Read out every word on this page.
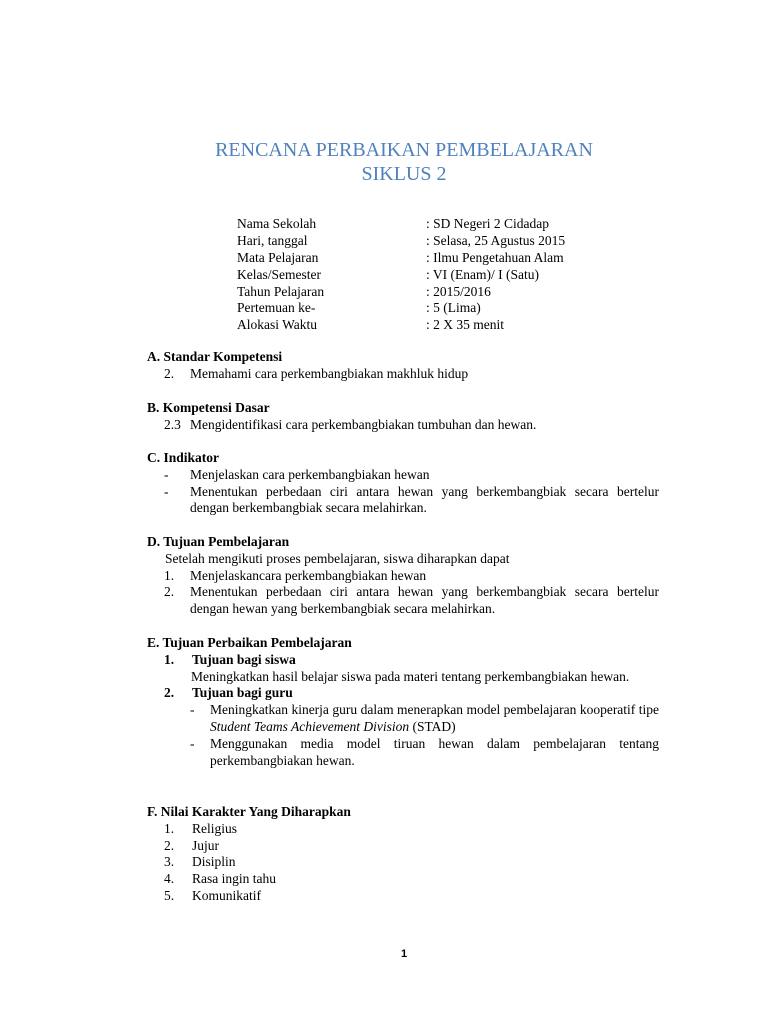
RENCANA PERBAIKAN PEMBELAJARAN
SIKLUS 2
Nama Sekolah	: SD Negeri 2 Cidadap
Hari, tanggal	: Selasa, 25 Agustus 2015
Mata Pelajaran	: Ilmu Pengetahuan Alam
Kelas/Semester	: VI (Enam)/ I (Satu)
Tahun Pelajaran	: 2015/2016
Pertemuan ke-	: 5 (Lima)
Alokasi Waktu	: 2 X 35 menit
A. Standar Kompetensi
2.	Memahami cara perkembangbiakan makhluk hidup
B. Kompetensi Dasar
2.3 Mengidentifikasi cara perkembangbiakan tumbuhan dan hewan.
C. Indikator
-	Menjelaskan cara perkembangbiakan hewan
-	Menentukan perbedaan ciri antara hewan yang berkembangbiak secara bertelur dengan berkembangbiak secara melahirkan.
D. Tujuan Pembelajaran
Setelah mengikuti proses pembelajaran, siswa diharapkan dapat
1.	Menjelaskancara perkembangbiakan hewan
2.	Menentukan perbedaan ciri antara hewan yang berkembangbiak secara bertelur dengan hewan yang berkembangbiak secara melahirkan.
E. Tujuan Perbaikan Pembelajaran
1.	Tujuan bagi siswa
Meningkatkan hasil belajar siswa pada materi tentang perkembangbiakan hewan.
2.	Tujuan bagi guru
-	Meningkatkan kinerja guru dalam menerapkan model pembelajaran kooperatif tipe Student Teams Achievement Division (STAD)
-	Menggunakan media model tiruan hewan dalam pembelajaran tentang perkembangbiakan hewan.
F. Nilai Karakter Yang Diharapkan
1.	Religius
2.	Jujur
3.	Disiplin
4.	Rasa ingin tahu
5.	Komunikatif
1
